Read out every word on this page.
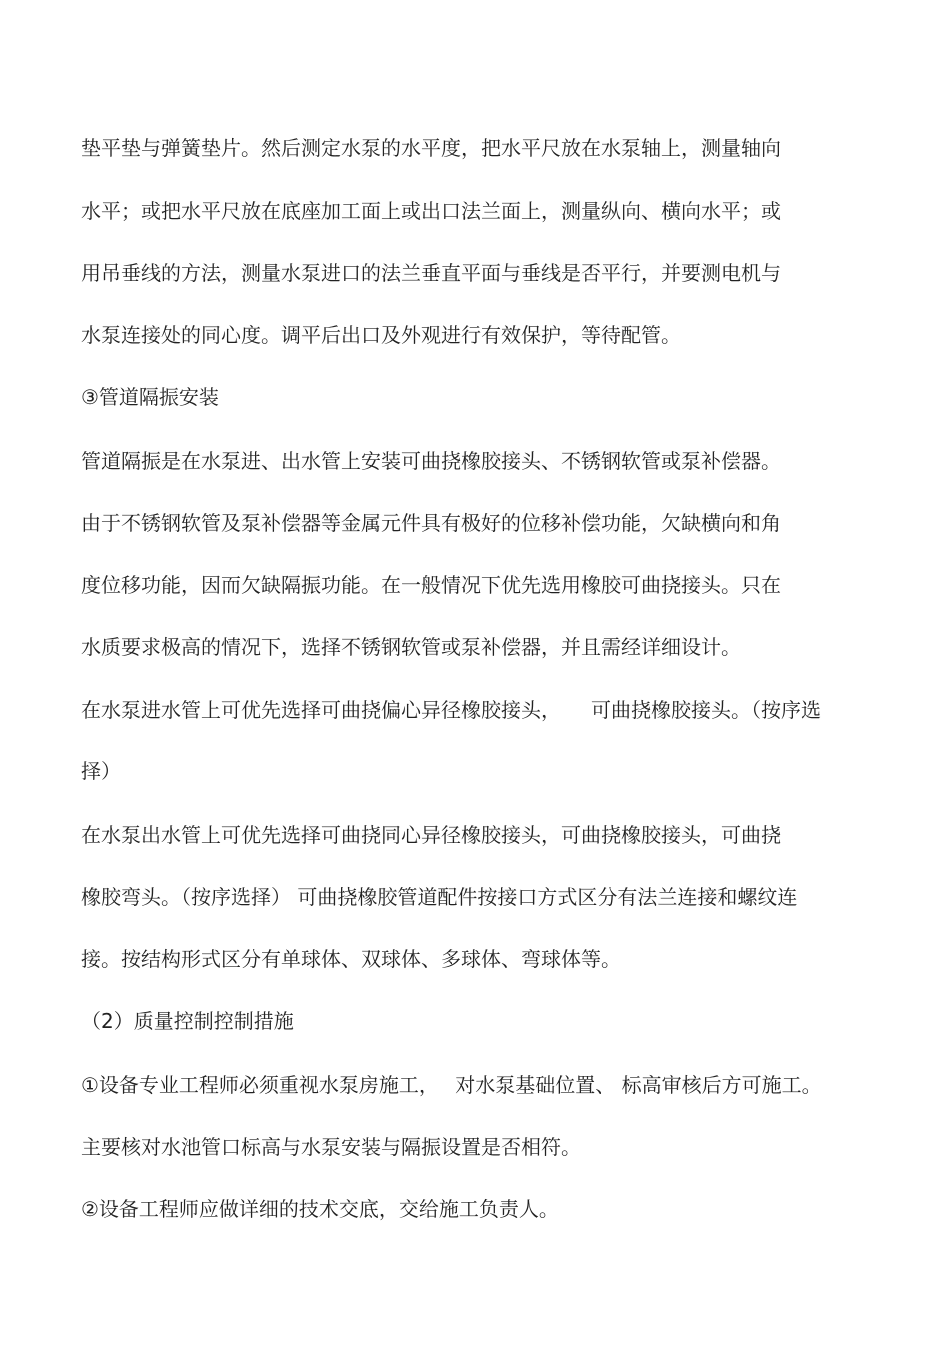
垫平垫与弹簧垫片。然后测定水泵的水平度，把水平尺放在水泵轴上，测量轴向

水平；或把水平尺放在底座加工面上或出口法兰面上，测量纵向、横向水平；或

用吊垂线的方法，测量水泵进口的法兰垂直平面与垂线是否平行，并要测电机与

水泵连接处的同心度。调平后出口及外观进行有效保护，等待配管。

③管道隔振安装

管道隔振是在水泵进、出水管上安装可曲挠橡胶接头、不锈钢软管或泵补偿器。

由于不锈钢软管及泵补偿器等金属元件具有极好的位移补偿功能，欠缺横向和角

度位移功能，因而欠缺隔振功能。在一般情况下优先选用橡胶可曲挠接头。只在

水质要求极高的情况下，选择不锈钢软管或泵补偿器，并且需经详细设计。

在水泵进水管上可优先选择可曲挠偏心异径橡胶接头，　　可曲挠橡胶接头。（按序选

择）

在水泵出水管上可优先选择可曲挠同心异径橡胶接头，可曲挠橡胶接头，可曲挠

橡胶弯头。（按序选择） 可曲挠橡胶管道配件按接口方式区分有法兰连接和螺纹连

接。按结构形式区分有单球体、双球体、多球体、弯球体等。

（2）质量控制控制措施

①设备专业工程师必须重视水泵房施工，　 对水泵基础位置、 标高审核后方可施工。

主要核对水池管口标高与水泵安装与隔振设置是否相符。

②设备工程师应做详细的技术交底，交给施工负责人。
